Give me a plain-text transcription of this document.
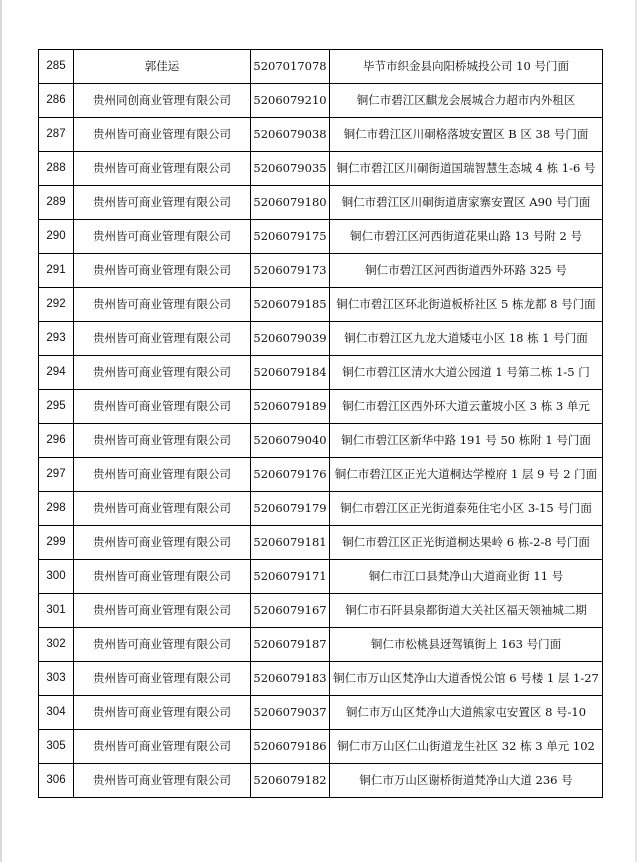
285	郭佳运	5207017078	毕节市织金县向阳桥城投公司 10 号门面
286	贵州同创商业管理有限公司	5206079210	铜仁市碧江区麒龙会展城合力超市内外租区
287	贵州皆可商业管理有限公司	5206079038	铜仁市碧江区川硐格落坡安置区 B 区 38 号门面
288	贵州皆可商业管理有限公司	5206079035	铜仁市碧江区川硐街道国瑞智慧生态城 4 栋 1-6 号
289	贵州皆可商业管理有限公司	5206079180	铜仁市碧江区川硐街道唐家寨安置区 A90 号门面
290	贵州皆可商业管理有限公司	5206079175	铜仁市碧江区河西街道花果山路 13 号附 2 号
291	贵州皆可商业管理有限公司	5206079173	铜仁市碧江区河西街道西外环路 325 号
292	贵州皆可商业管理有限公司	5206079185	铜仁市碧江区环北街道板桥社区 5 栋龙都 8 号门面
293	贵州皆可商业管理有限公司	5206079039	铜仁市碧江区九龙大道矮屯小区 18 栋 1 号门面
294	贵州皆可商业管理有限公司	5206079184	铜仁市碧江区清水大道公园道 1 号第二栋 1-5 门
295	贵州皆可商业管理有限公司	5206079189	铜仁市碧江区西外环大道云董坡小区 3 栋 3 单元
296	贵州皆可商业管理有限公司	5206079040	铜仁市碧江区新华中路 191 号 50 栋附 1 号门面
297	贵州皆可商业管理有限公司	5206079176	铜仁市碧江区正光大道桐达学樘府 1 层 9 号 2 门面
298	贵州皆可商业管理有限公司	5206079179	铜仁市碧江区正光街道泰苑住宅小区 3-15 号门面
299	贵州皆可商业管理有限公司	5206079181	铜仁市碧江区正光街道桐达果岭 6 栋-2-8 号门面
300	贵州皆可商业管理有限公司	5206079171	铜仁市江口县梵净山大道商业街 11 号
301	贵州皆可商业管理有限公司	5206079167	铜仁市石阡县泉都街道大关社区福天领袖城二期
302	贵州皆可商业管理有限公司	5206079187	铜仁市松桃县迓驾镇街上 163 号门面
303	贵州皆可商业管理有限公司	5206079183	铜仁市万山区梵净山大道香悦公馆 6 号楼 1 层 1-27
304	贵州皆可商业管理有限公司	5206079037	铜仁市万山区梵净山大道熊家屯安置区 8 号-10
305	贵州皆可商业管理有限公司	5206079186	铜仁市万山区仁山街道龙生社区 32 栋 3 单元 102
306	贵州皆可商业管理有限公司	5206079182	铜仁市万山区谢桥街道梵净山大道 236 号
